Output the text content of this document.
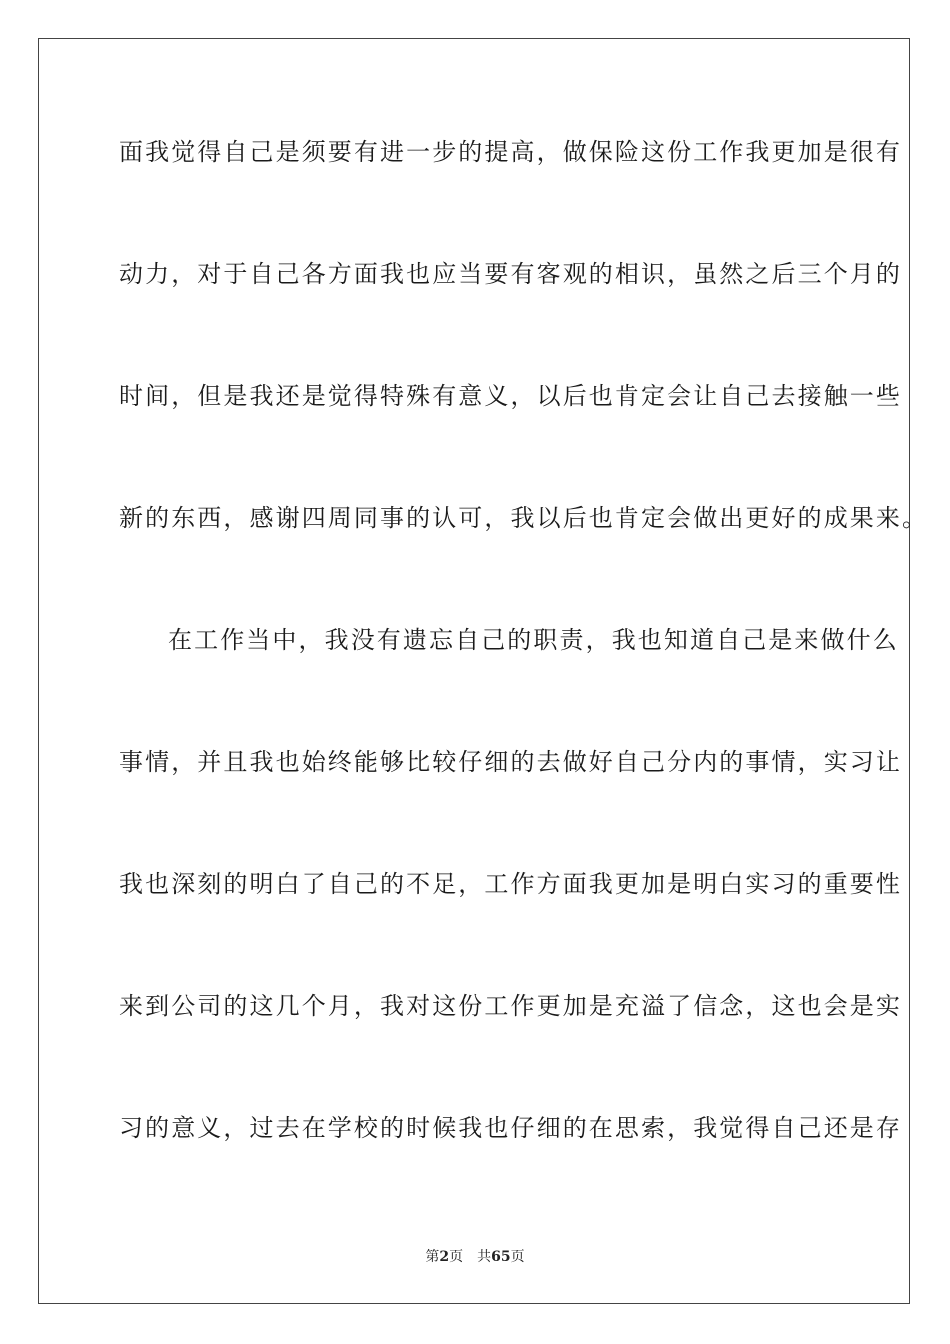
面我觉得自己是须要有进一步的提高，做保险这份工作我更加是很有
动力，对于自己各方面我也应当要有客观的相识，虽然之后三个月的
时间，但是我还是觉得特殊有意义，以后也肯定会让自己去接触一些
新的东西，感谢四周同事的认可，我以后也肯定会做出更好的成果来。
在工作当中，我没有遗忘自己的职责，我也知道自己是来做什么
事情，并且我也始终能够比较仔细的去做好自己分内的事情，实习让
我也深刻的明白了自己的不足，工作方面我更加是明白实习的重要性
来到公司的这几个月，我对这份工作更加是充溢了信念，这也会是实
习的意义，过去在学校的时候我也仔细的在思索，我觉得自己还是存
第2页 共65页
